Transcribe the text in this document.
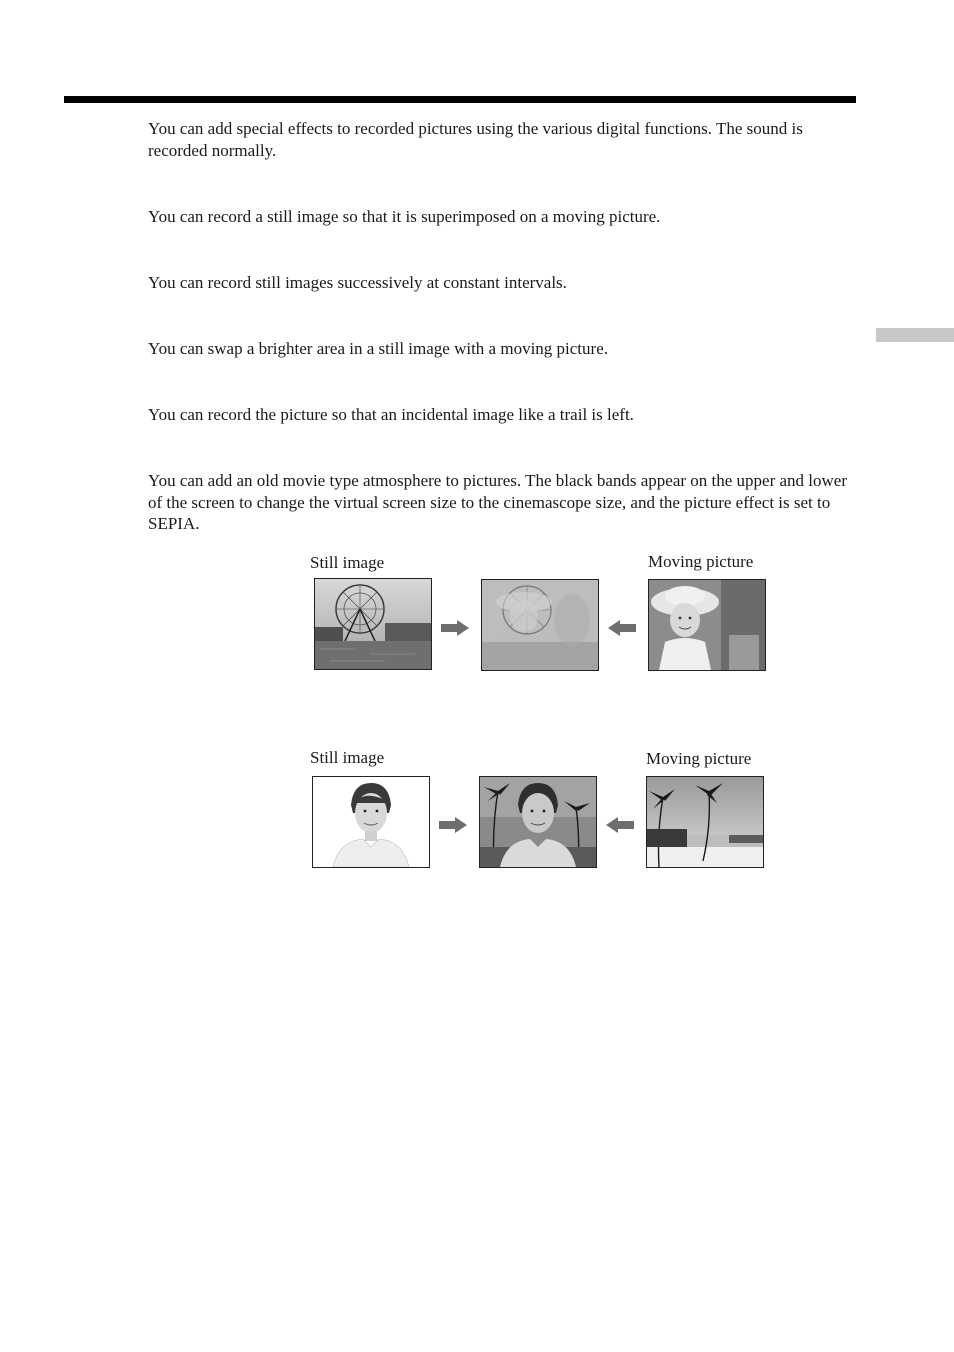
You can add special effects to recorded pictures using the various digital functions. The sound is recorded normally.

You can record a still image so that it is superimposed on a moving picture.

You can record still images successively at constant intervals.

You can swap a brighter area in a still image with a moving picture.

You can record the picture so that an incidental image like a trail is left.

You can add an old movie type atmosphere to pictures. The black bands appear on the upper and lower of the screen to change the virtual screen size to the cinemascope size, and the picture effect is set to SEPIA.

Still image	Moving picture
Still image	Moving picture
